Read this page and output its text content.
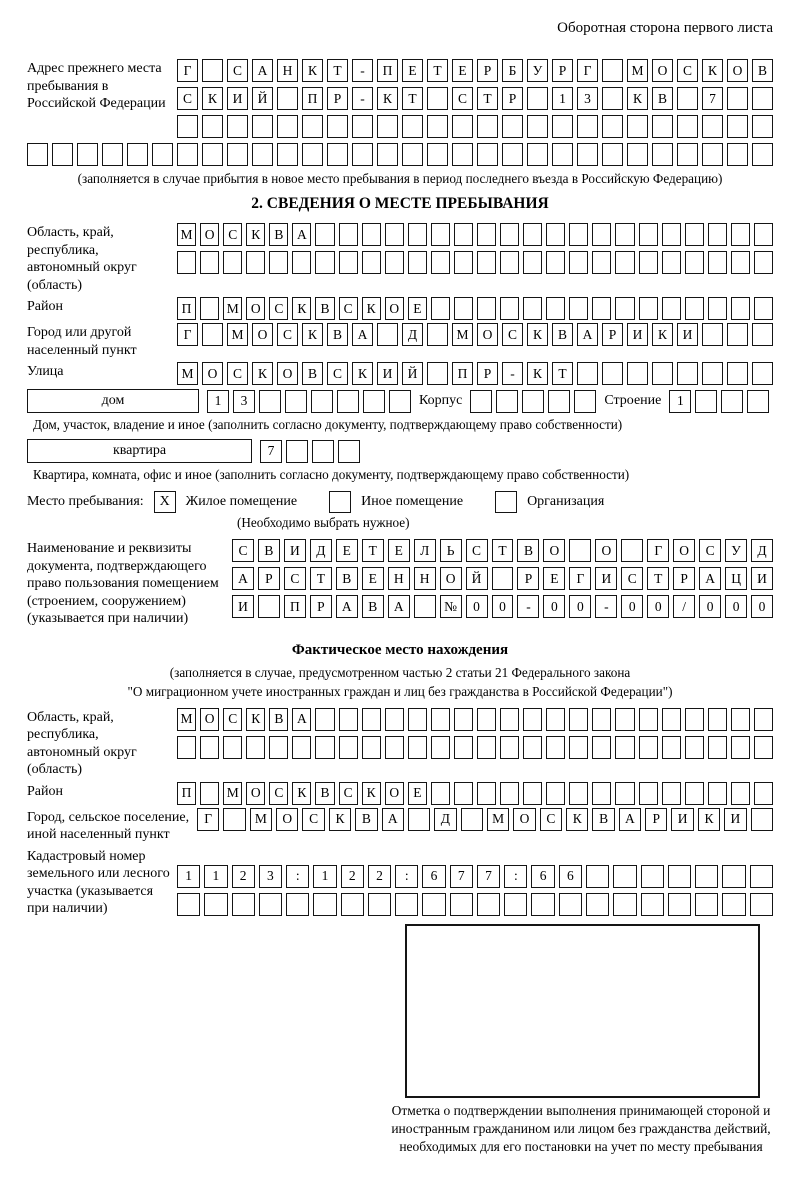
Оборотная сторона первого листа
Адрес прежнего места пребывания в Российской Федерации
Г	С	А	Н	К	Т	-	П	Е	Т	Е	Р	Б	У	Р	Г	М	О	С	К	О	В
С	К	И	Й	П	Р	-	К	Т	С	Т	Р	1	3	К	В	7
(заполняется в случае прибытия в новое место пребывания в период последнего въезда в Российскую Федерацию)
2. СВЕДЕНИЯ О МЕСТЕ ПРЕБЫВАНИЯ
Область, край, республика, автономный округ (область)
М О	С	К	В	А
Район	П	М О	С	К	В	С	К	О	Е
Город или другой населенный пункт
Г	М	О	С	К	В	А	Д	М	О	С	К	В	А	Р	И	К	И
Улица	М	О	С	К	О	В	С	К	И	Й	П	Р	-	К	Т
дом	1	3	Корпус	Строение	1
Дом, участок, владение и иное (заполнить согласно документу, подтверждающему право собственности)
квартира	7
Квартира, комната, офис и иное (заполнить согласно документу, подтверждающему право собственности)
Место пребывания:	X	Жилое помещение	Иное помещение	Организация
(Необходимо выбрать нужное)
Наименование и реквизиты документа, подтверждающего право пользования помещением (строением, сооружением) (указывается при наличии)
С	В	И	Д	Е	Т	Е	Л	Ь	С	Т	В	О	О	Г	О	С	У	Д
А	Р	С	Т	В	Е	Н	Н	О	Й	Р	Е	Г	И	С	Т	Р	А	Ц	И
И	П	Р	А	В	А	№	0	0	-	0	0	-	0	0	/	0	0	0
Фактическое место нахождения
(заполняется в случае, предусмотренном частью 2 статьи 21 Федерального закона
"О миграционном учете иностранных граждан и лиц без гражданства в Российской Федерации")
Область, край, республика, автономный округ (область)
М О	С	К	В	А
Район	П	М О	С	К	В	С	К	О	Е
Город, сельское поселение, иной населенный пункт
Г	М	О	С	К	В	А	Д	М	О	С	К	В	А	Р	И	К	И
Кадастровый номер земельного или лесного участка (указывается при наличии)
1	1	2	3	:	1	2	2	:	6	7	7	:	6	6
Отметка о подтверждении выполнения принимающей стороной и иностранным гражданином или лицом без гражданства действий, необходимых для его постановки на учет по месту пребывания
